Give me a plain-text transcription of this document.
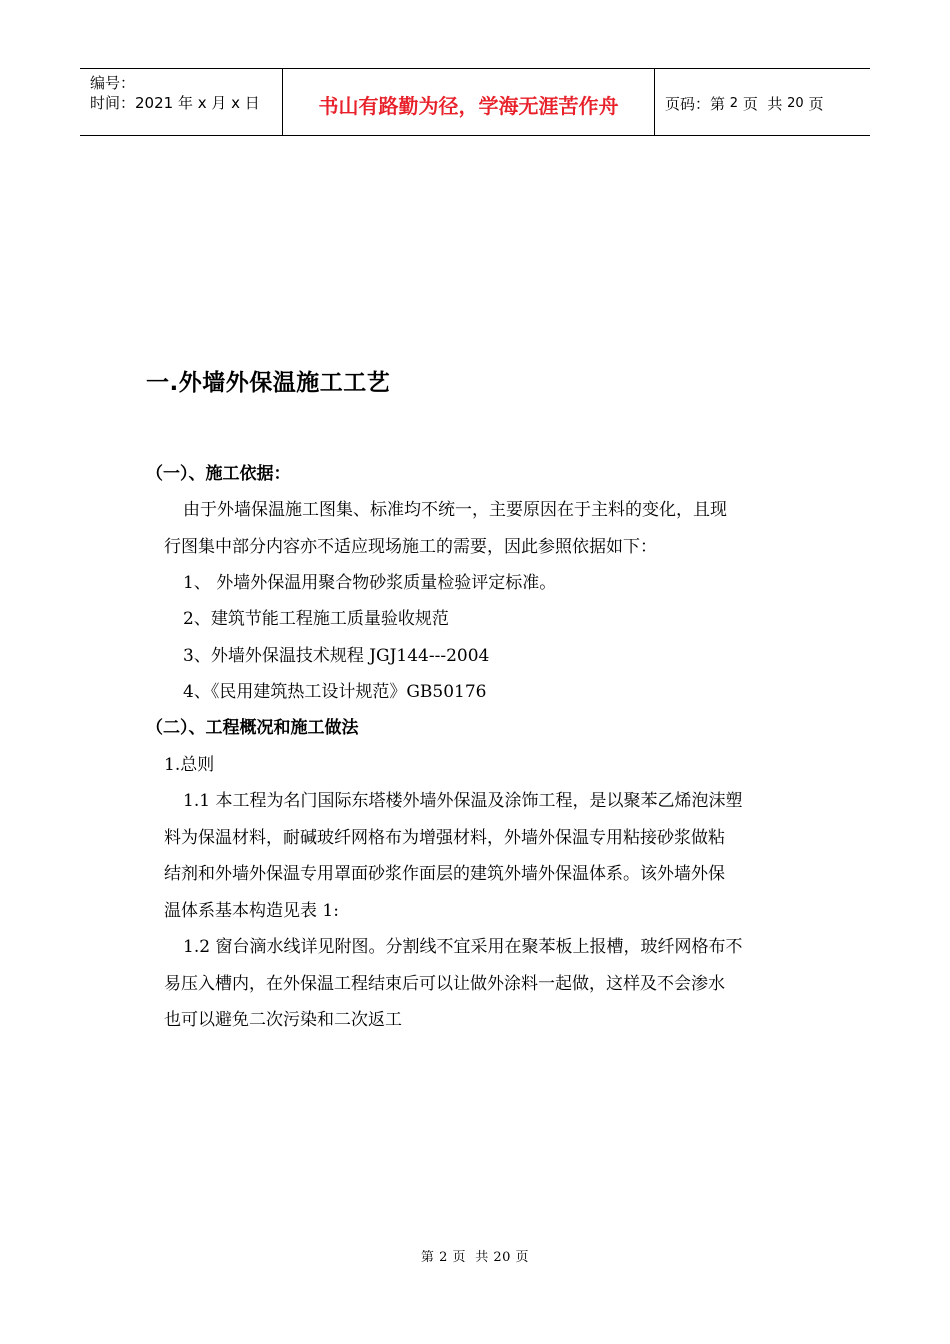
编号：
时间：2021 年 x 月 x 日	书山有路勤为径，学海无涯苦作舟	页码：第 2 页  共 20 页
一.外墙外保温施工工艺
（一）、施工依据：
由于外墙保温施工图集、标准均不统一，主要原因在于主料的变化，且现
行图集中部分内容亦不适应现场施工的需要，因此参照依据如下：
1、 外墙外保温用聚合物砂浆质量检验评定标准。
2、建筑节能工程施工质量验收规范
3、外墙外保温技术规程 JGJ144---2004
4、《民用建筑热工设计规范》GB50176
（二）、工程概况和施工做法
1.总则
1.1 本工程为名门国际东塔楼外墙外保温及涂饰工程，是以聚苯乙烯泡沫塑
料为保温材料，耐碱玻纤网格布为增强材料，外墙外保温专用粘接砂浆做粘
结剂和外墙外保温专用罩面砂浆作面层的建筑外墙外保温体系。该外墙外保
温体系基本构造见表 1:
1.2 窗台滴水线详见附图。分割线不宜采用在聚苯板上报槽，玻纤网格布不
易压入槽内，在外保温工程结束后可以让做外涂料一起做，这样及不会渗水
也可以避免二次污染和二次返工
第 2 页  共 20 页
